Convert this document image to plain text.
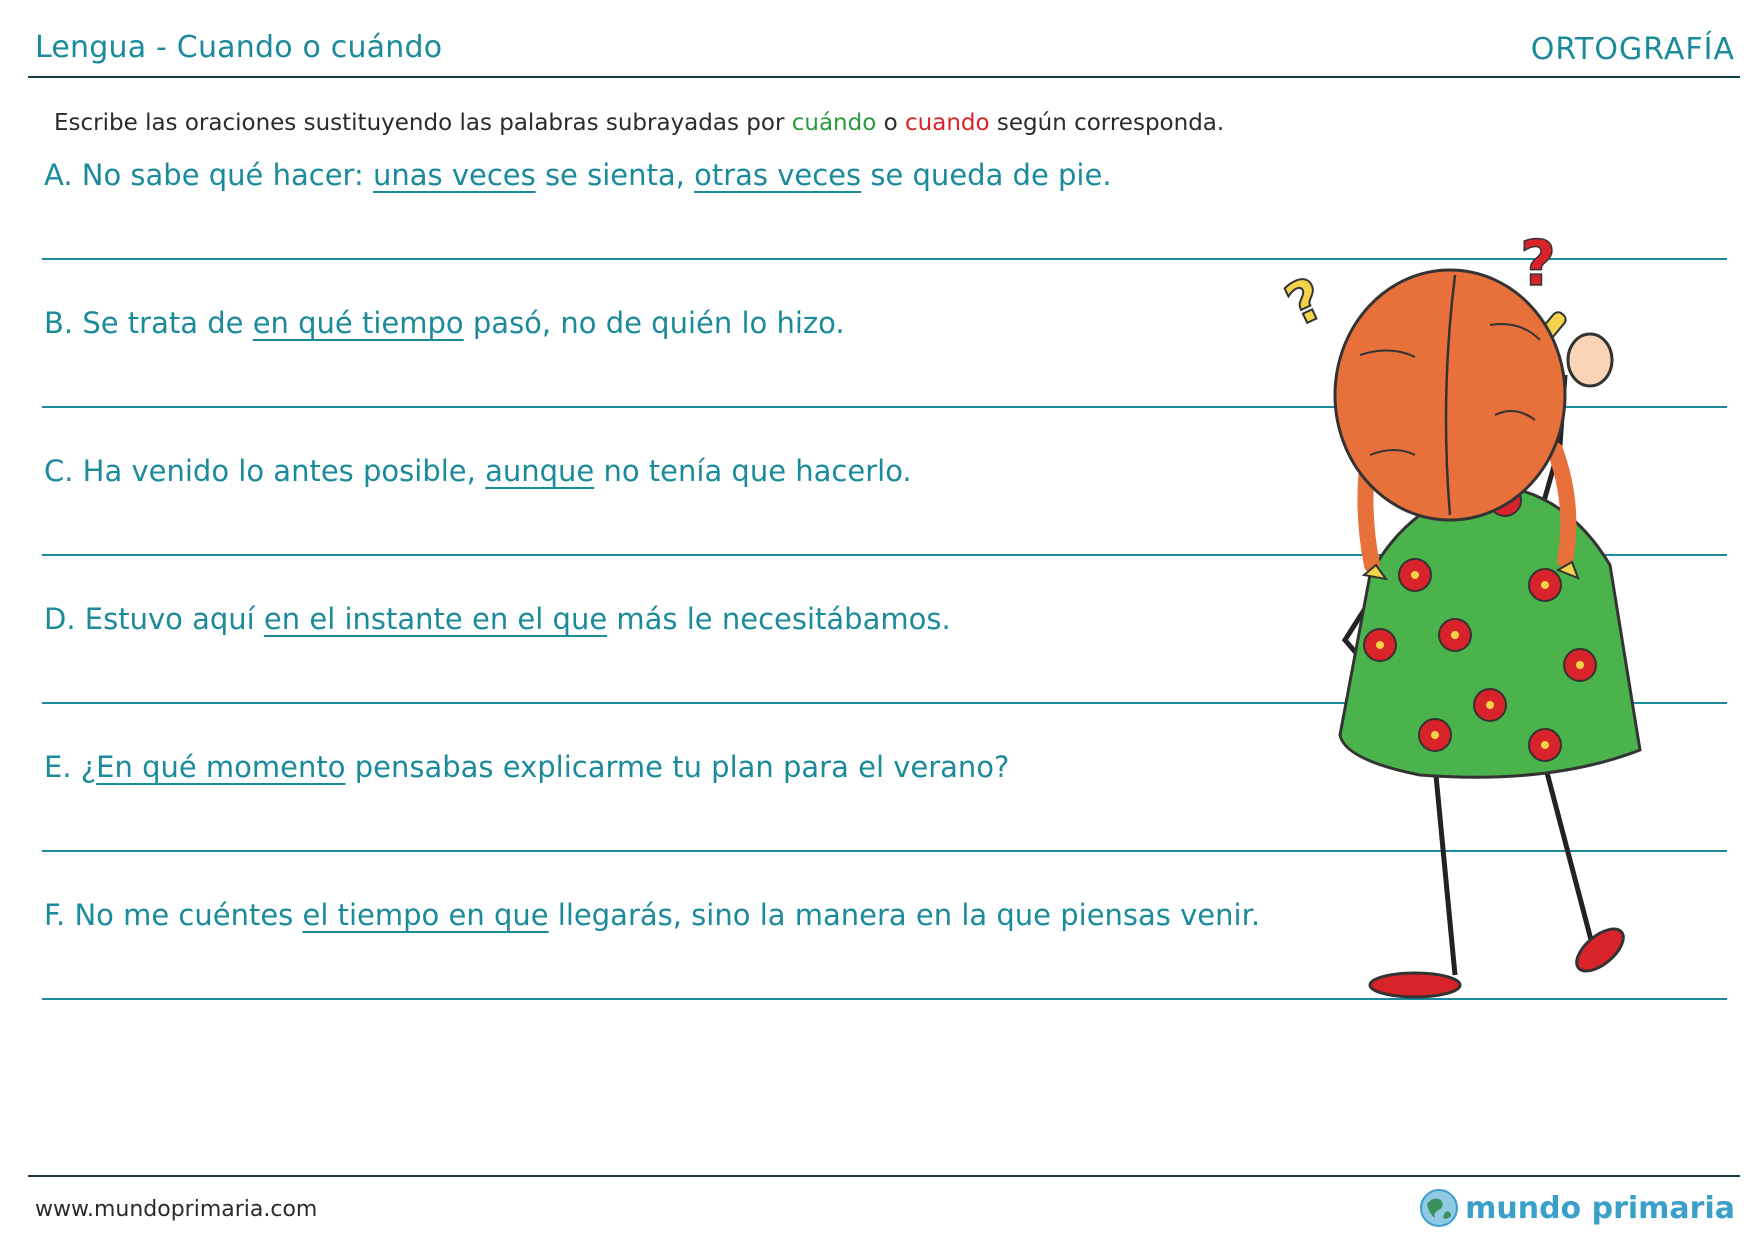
Lengua - Cuando o cuándo	ORTOGRAFÍA
Escribe las oraciones sustituyendo las palabras subrayadas por cuándo o cuando según corresponda.
A. No sabe qué hacer: unas veces se sienta, otras veces se queda de pie.
B. Se trata de en qué tiempo pasó, no de quién lo hizo.
C. Ha venido lo antes posible, aunque no tenía que hacerlo.
D. Estuvo aquí en el instante en el que más le necesitábamos.
E. ¿En qué momento pensabas explicarme tu plan para el verano?
F. No me cuéntes el tiempo en que llegarás, sino la manera en la que piensas venir.
?
?
www.mundoprimaria.com	mundo primaria
